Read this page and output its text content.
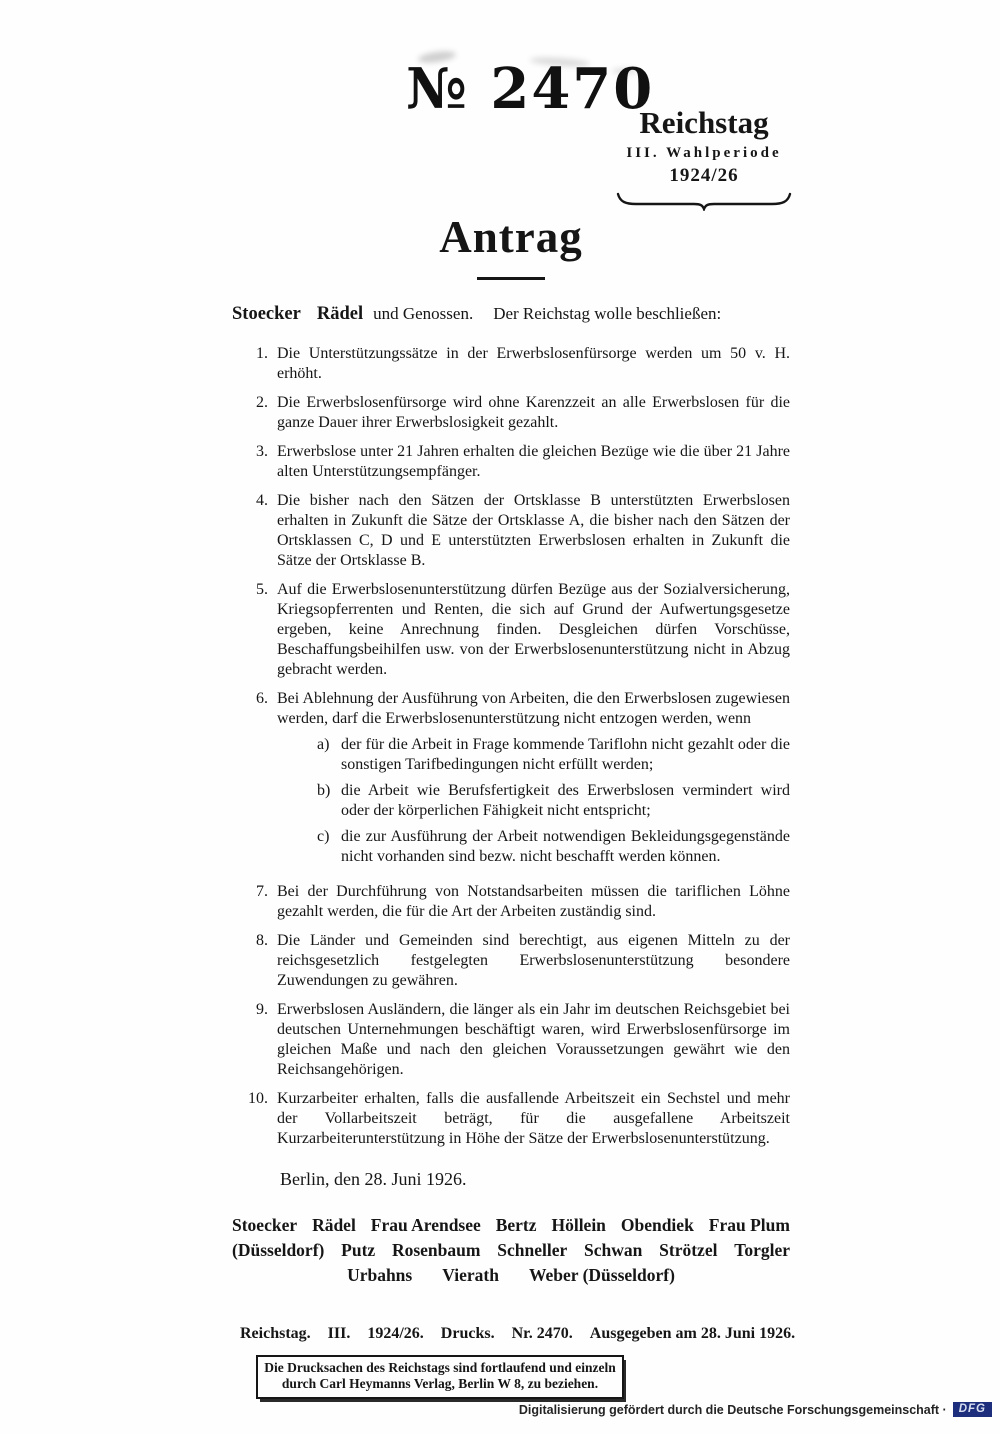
№ 2470
Reichstag
III. Wahlperiode
1924/26
Antrag

Stoecker Rädel und Genossen. Der Reichstag wolle beschließen:

1. Die Unterstützungssätze in der Erwerbslosenfürsorge werden um 50 v. H. erhöht.
2. Die Erwerbslosenfürsorge wird ohne Karenzzeit an alle Erwerbslosen für die ganze Dauer ihrer Erwerbslosigkeit gezahlt.
3. Erwerbslose unter 21 Jahren erhalten die gleichen Bezüge wie die über 21 Jahre alten Unterstützungsempfänger.
4. Die bisher nach den Sätzen der Ortsklasse B unterstützten Erwerbslosen erhalten in Zukunft die Sätze der Ortsklasse A, die bisher nach den Sätzen der Ortsklassen C, D und E unterstützten Erwerbslosen erhalten in Zukunft die Sätze der Ortsklasse B.
5. Auf die Erwerbslosenunterstützung dürfen Bezüge aus der Sozialversicherung, Kriegsopferrenten und Renten, die sich auf Grund der Aufwertungsgesetze ergeben, keine Anrechnung finden. Desgleichen dürfen Vorschüsse, Beschaffungsbeihilfen usw. von der Erwerbslosenunterstützung nicht in Abzug gebracht werden.
6. Bei Ablehnung der Ausführung von Arbeiten, die den Erwerbslosen zugewiesen werden, darf die Erwerbslosenunterstützung nicht entzogen werden, wenn
a) der für die Arbeit in Frage kommende Tariflohn nicht gezahlt oder die sonstigen Tarifbedingungen nicht erfüllt werden;
b) die Arbeit wie Berufsfertigkeit des Erwerbslosen vermindert wird oder der körperlichen Fähigkeit nicht entspricht;
c) die zur Ausführung der Arbeit notwendigen Bekleidungsgegenstände nicht vorhanden sind bezw. nicht beschafft werden können.
7. Bei der Durchführung von Notstandsarbeiten müssen die tariflichen Löhne gezahlt werden, die für die Art der Arbeiten zuständig sind.
8. Die Länder und Gemeinden sind berechtigt, aus eigenen Mitteln zu der reichsgesetzlich festgelegten Erwerbslosenunterstützung besondere Zuwendungen zu gewähren.
9. Erwerbslosen Ausländern, die länger als ein Jahr im deutschen Reichsgebiet bei deutschen Unternehmungen beschäftigt waren, wird Erwerbslosenfürsorge im gleichen Maße und nach den gleichen Voraussetzungen gewährt wie den Reichsangehörigen.
10. Kurzarbeiter erhalten, falls die ausfallende Arbeitszeit ein Sechstel und mehr der Vollarbeitszeit beträgt, für die ausgefallene Arbeitszeit Kurzarbeiterunterstützung in Höhe der Sätze der Erwerbslosenunterstützung.
Berlin, den 28. Juni 1926.
Stoecker Rädel Frau Arendsee Bertz Höllein Obendiek Frau Plum
(Düsseldorf) Putz Rosenbaum Schneller Schwan Strötzel Torgler
Urbahns Vierath Weber (Düsseldorf)
Reichstag. III. 1924/26. Drucks. Nr. 2470. Ausgegeben am 28. Juni 1926.
Die Drucksachen des Reichstags sind fortlaufend und einzeln
durch Carl Heymanns Verlag, Berlin W 8, zu beziehen.
Digitalisierung gefördert durch die Deutsche Forschungsgemeinschaft ·	DFG
